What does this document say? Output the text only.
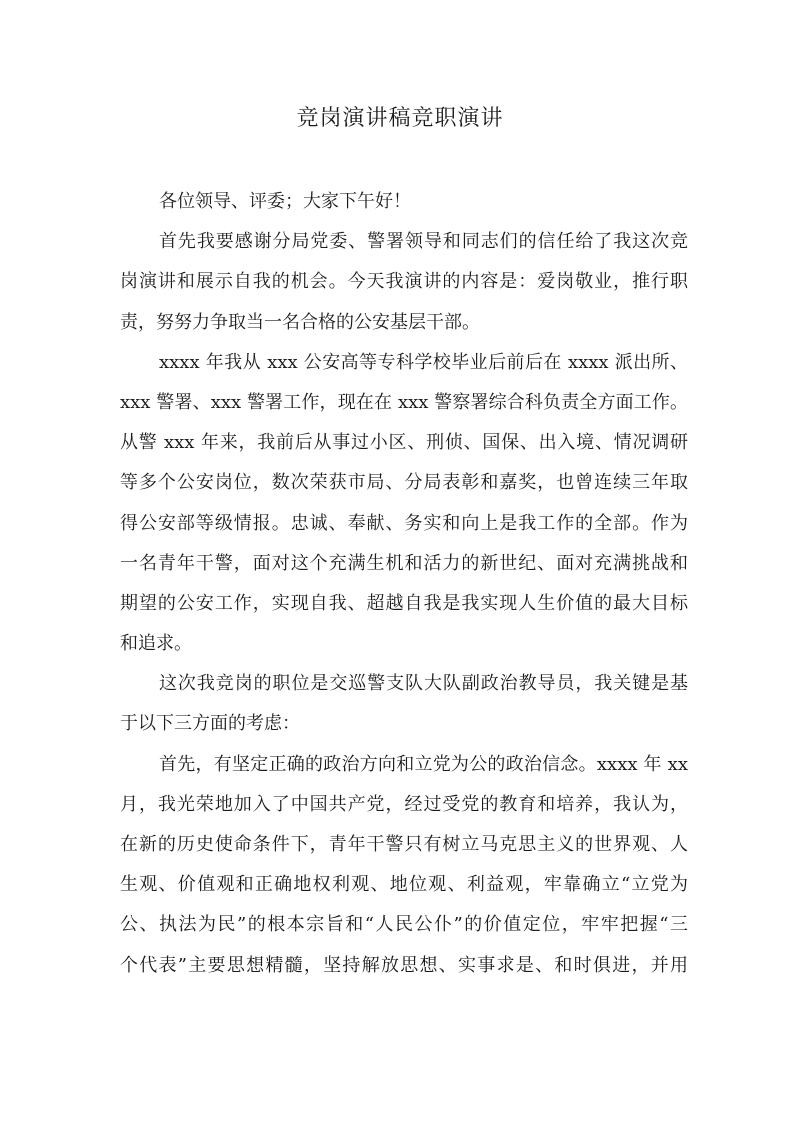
竞岗演讲稿竞职演讲
各位领导、评委；大家下午好！
首先我要感谢分局党委、警署领导和同志们的信任给了我这次竞
岗演讲和展示自我的机会。今天我演讲的内容是：爱岗敬业，推行职
责，努努力争取当一名合格的公安基层干部。
xxxx 年我从 xxx 公安高等专科学校毕业后前后在 xxxx 派出所、
xxx 警署、xxx 警署工作，现在在 xxx 警察署综合科负责全方面工作。
从警 xxx 年来，我前后从事过小区、刑侦、国保、出入境、情况调研
等多个公安岗位，数次荣获市局、分局表彰和嘉奖，也曾连续三年取
得公安部等级情报。忠诚、奉献、务实和向上是我工作的全部。作为
一名青年干警，面对这个充满生机和活力的新世纪、面对充满挑战和
期望的公安工作，实现自我、超越自我是我实现人生价值的最大目标
和追求。
这次我竞岗的职位是交巡警支队大队副政治教导员，我关键是基
于以下三方面的考虑：
首先，有坚定正确的政治方向和立党为公的政治信念。xxxx 年 xx
月，我光荣地加入了中国共产党，经过受党的教育和培养，我认为，
在新的历史使命条件下，青年干警只有树立马克思主义的世界观、人
生观、价值观和正确地权利观、地位观、利益观，牢靠确立“立党为
公、执法为民”的根本宗旨和“人民公仆”的价值定位，牢牢把握“三
个代表”主要思想精髓，坚持解放思想、实事求是、和时俱进，并用
